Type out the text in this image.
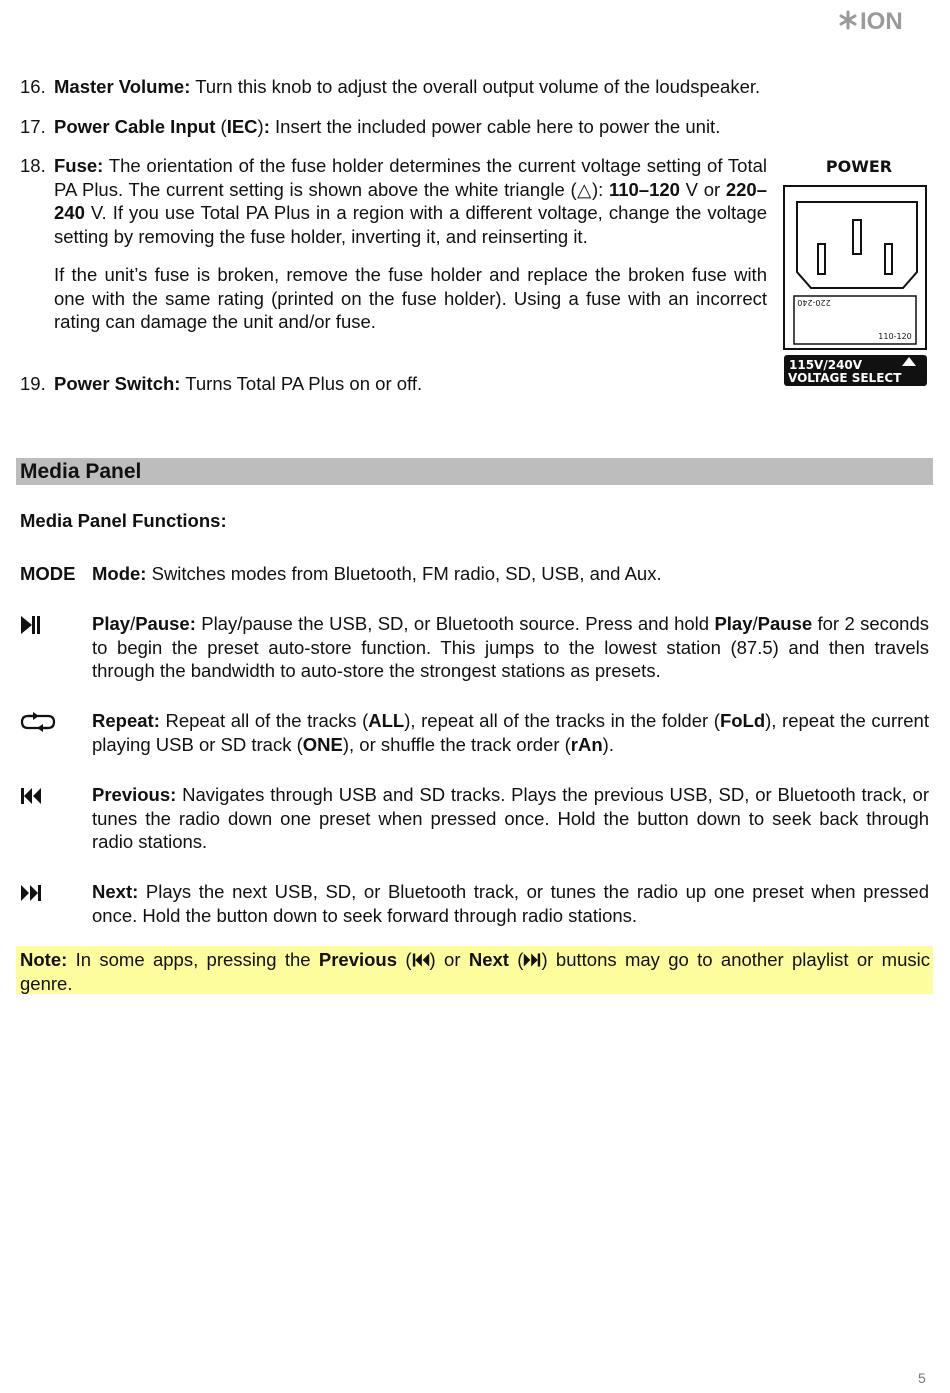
ION
16. Master Volume: Turn this knob to adjust the overall output volume of the loudspeaker.
17. Power Cable Input (IEC): Insert the included power cable here to power the unit.
18. Fuse: The orientation of the fuse holder determines the current voltage setting of Total PA Plus. The current setting is shown above the white triangle (△): 110–120 V or 220–240 V. If you use Total PA Plus in a region with a different voltage, change the voltage setting by removing the fuse holder, inverting it, and reinserting it.
If the unit’s fuse is broken, remove the fuse holder and replace the broken fuse with one with the same rating (printed on the fuse holder). Using a fuse with an incorrect rating can damage the unit and/or fuse.
19. Power Switch: Turns Total PA Plus on or off.
POWER
220-240
110-120
115V/240V
VOLTAGE SELECT
Media Panel
Media Panel Functions:
MODE Mode: Switches modes from Bluetooth, FM radio, SD, USB, and Aux.
Play/Pause: Play/pause the USB, SD, or Bluetooth source. Press and hold Play/Pause for 2 seconds to begin the preset auto-store function. This jumps to the lowest station (87.5) and then travels through the bandwidth to auto-store the strongest stations as presets.
Repeat: Repeat all of the tracks (ALL), repeat all of the tracks in the folder (FoLd), repeat the current playing USB or SD track (ONE), or shuffle the track order (rAn).
Previous: Navigates through USB and SD tracks. Plays the previous USB, SD, or Bluetooth track, or tunes the radio down one preset when pressed once. Hold the button down to seek back through radio stations.
Next: Plays the next USB, SD, or Bluetooth track, or tunes the radio up one preset when pressed once. Hold the button down to seek forward through radio stations.
Note: In some apps, pressing the Previous ( ) or Next ( ) buttons may go to another playlist or music genre.
5
